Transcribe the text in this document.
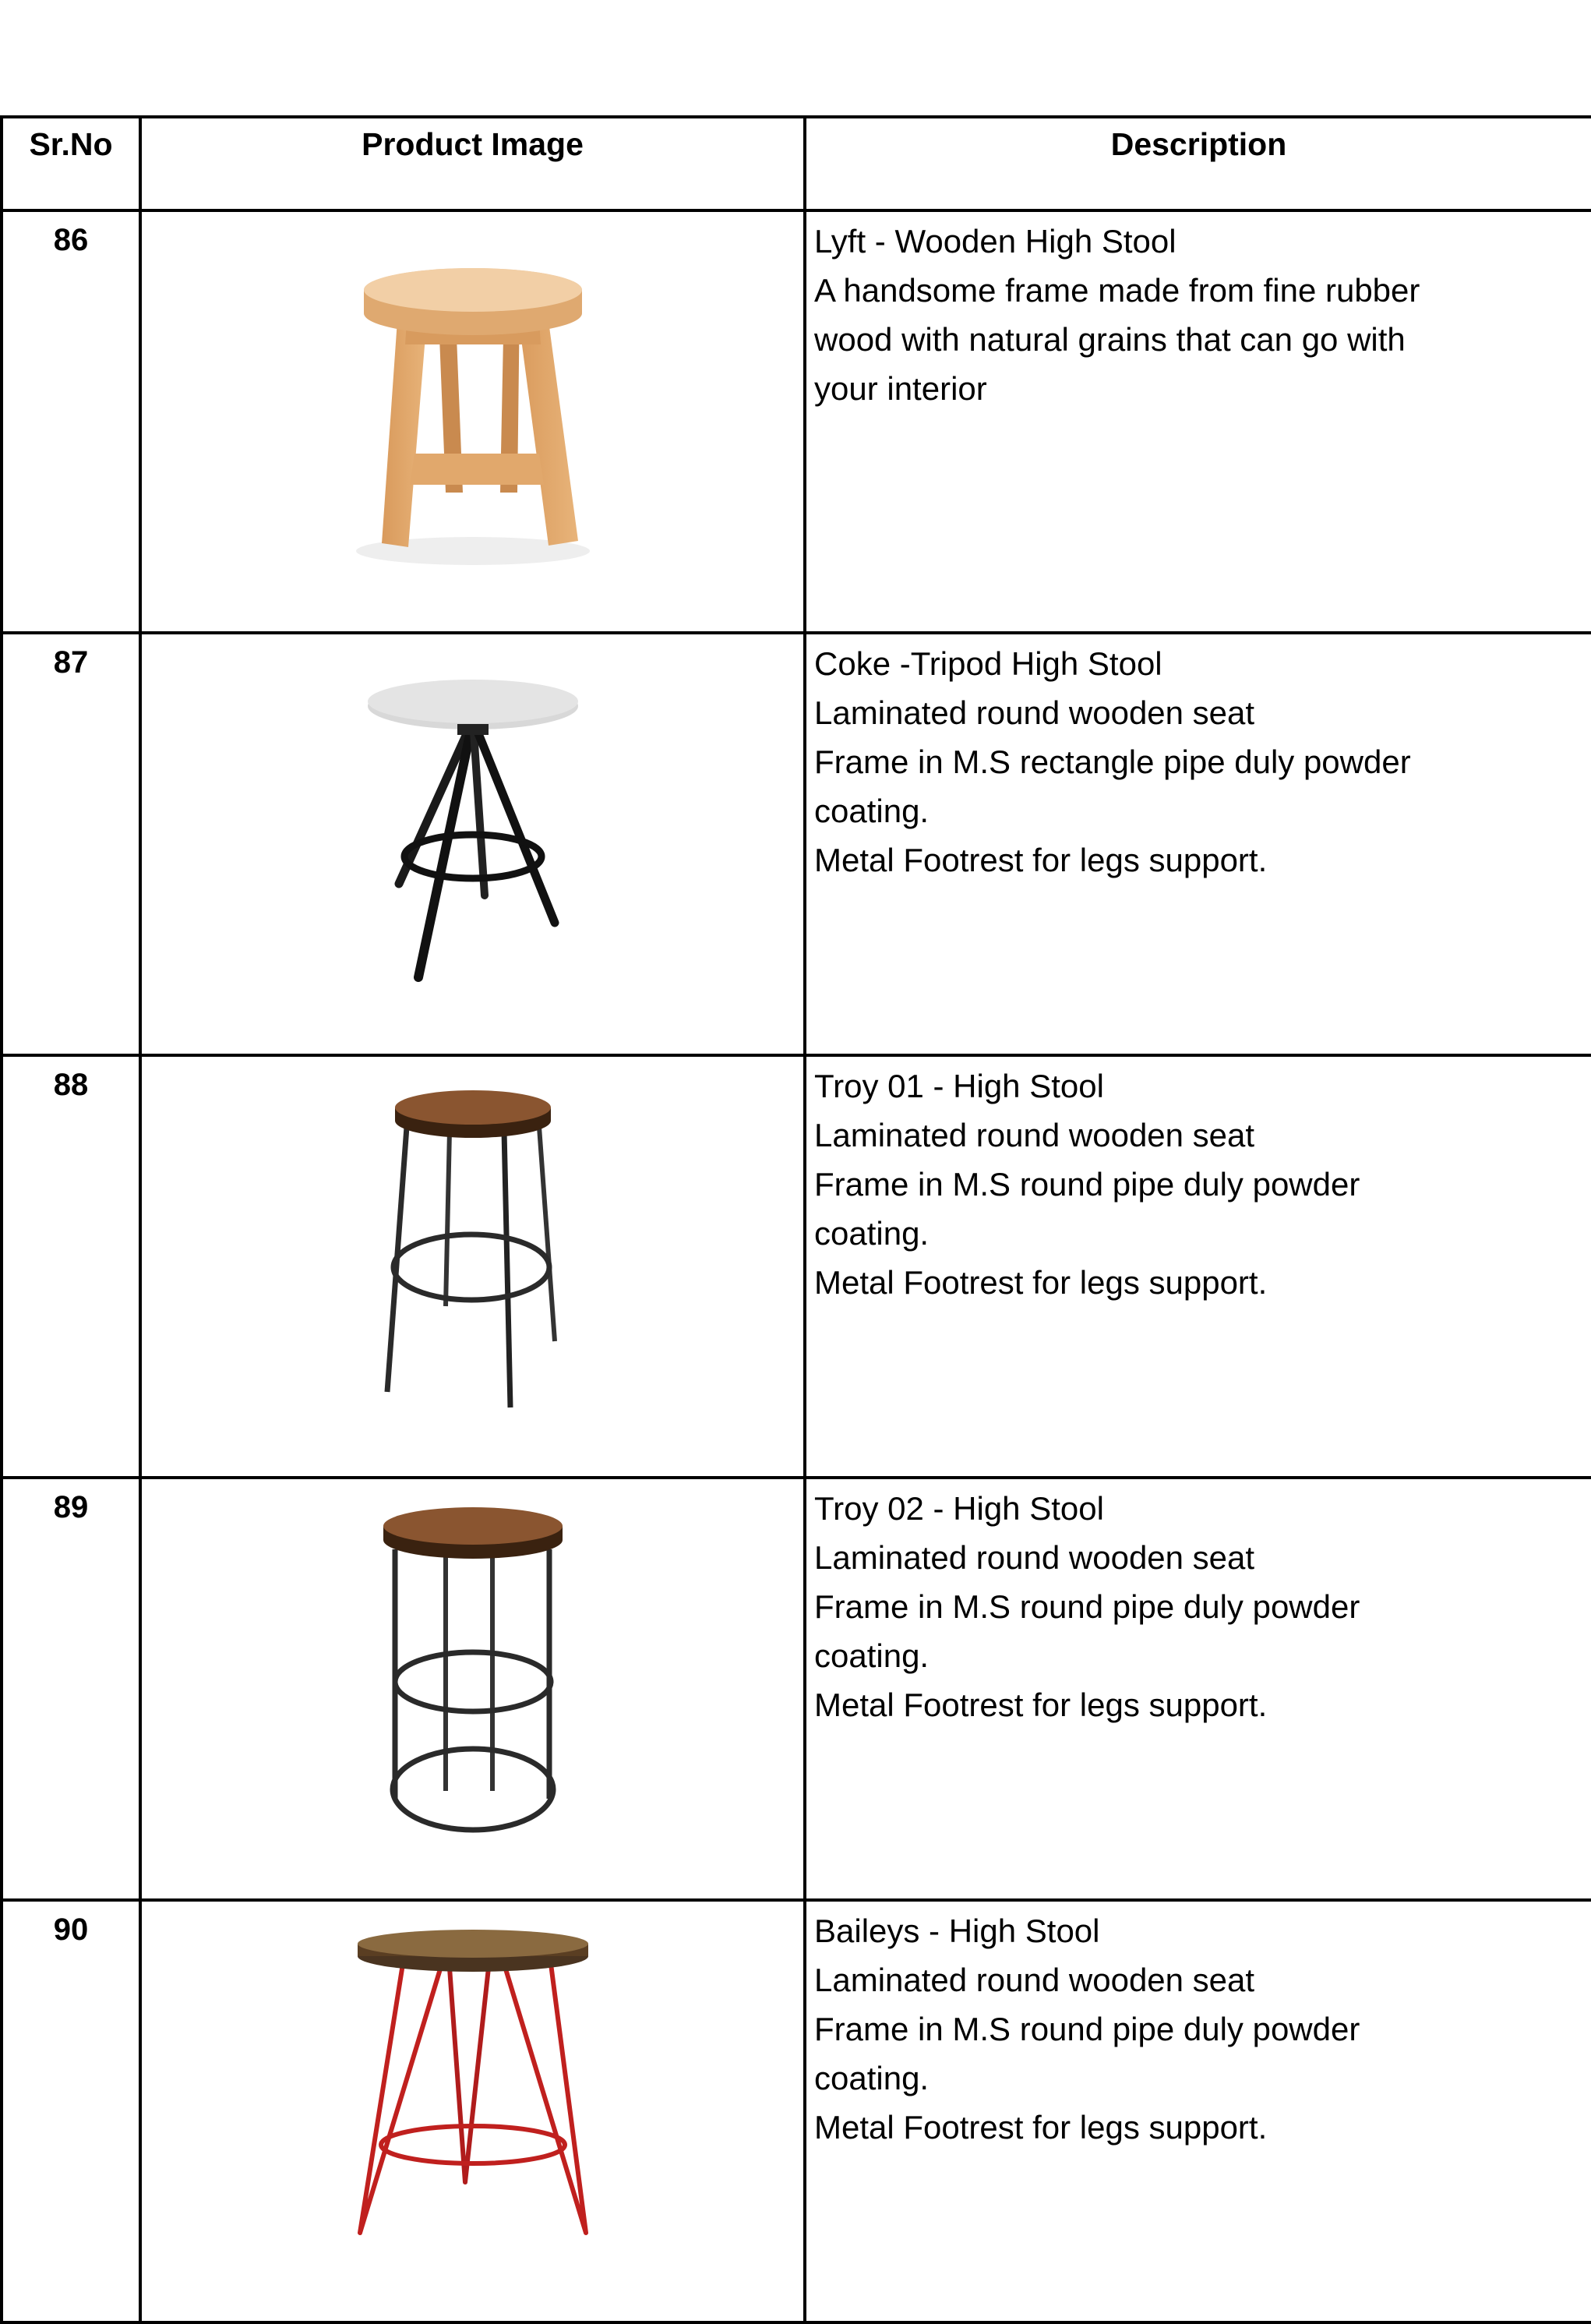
Sr.No	Product Image	Description
86		Lyft - Wooden High Stool
A handsome frame made from fine rubber
wood with natural grains that can go with
your interior

87		Coke -Tripod High Stool
Laminated round wooden seat
Frame in M.S rectangle pipe duly powder
coating.
Metal Footrest for legs support.

88		Troy 01 - High Stool
Laminated round wooden seat
Frame in M.S round pipe duly powder
coating.
Metal Footrest for legs support.

89		Troy 02 - High Stool
Laminated round wooden seat
Frame in M.S round pipe duly powder
coating.
Metal Footrest for legs support.

90		Baileys - High Stool
Laminated round wooden seat
Frame in M.S round pipe duly powder
coating.
Metal Footrest for legs support.
